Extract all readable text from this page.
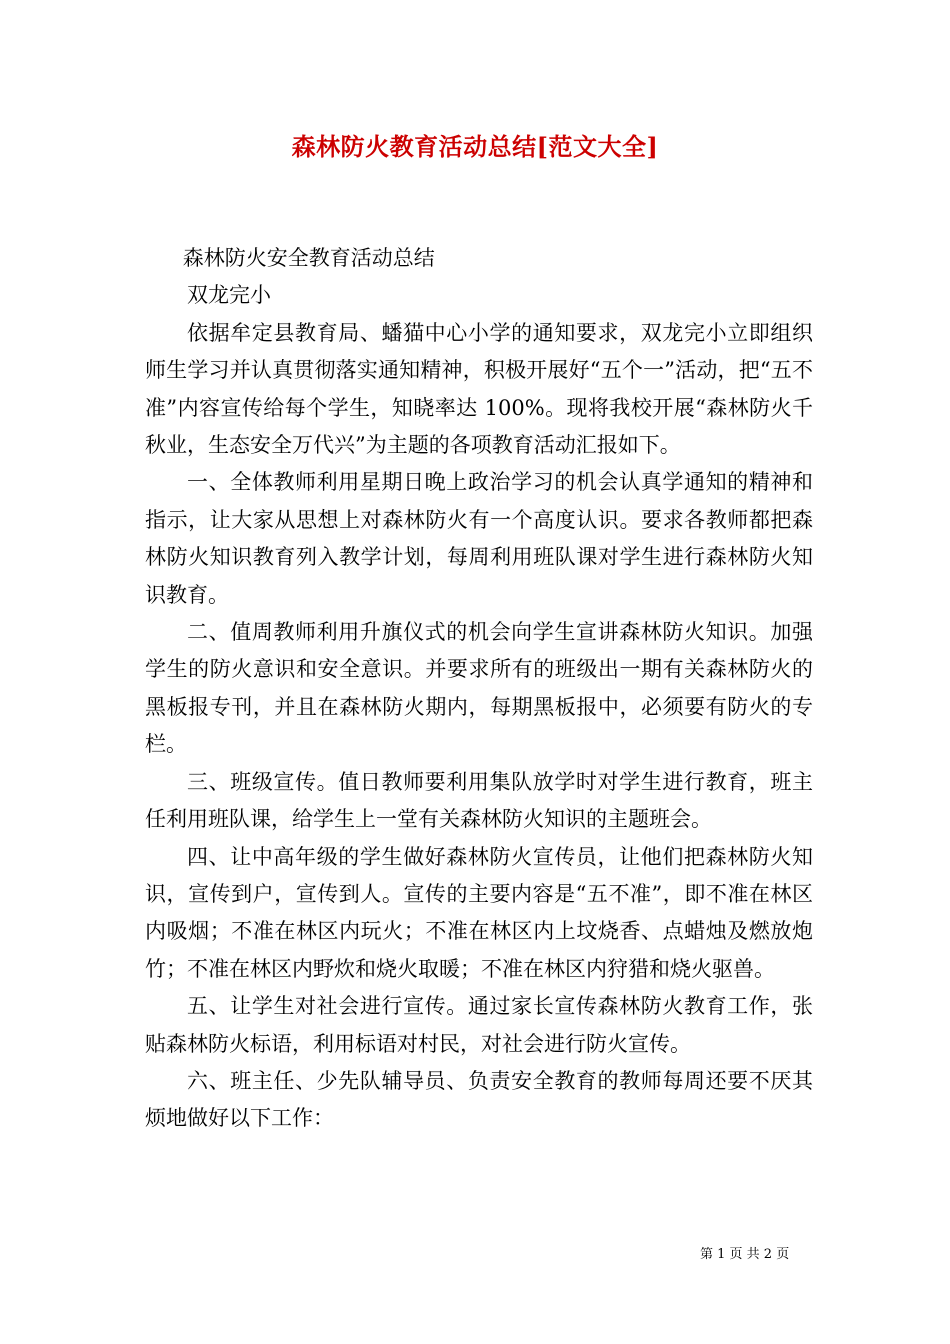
森林防火教育活动总结[范文大全]

森林防火安全教育活动总结

双龙完小

依据牟定县教育局、蟠猫中心小学的通知要求，双龙完小立即组织师生学习并认真贯彻落实通知精神，积极开展好“五个一”活动，把“五不准”内容宣传给每个学生，知晓率达 100%。现将我校开展“森林防火千秋业，生态安全万代兴”为主题的各项教育活动汇报如下。

一、全体教师利用星期日晚上政治学习的机会认真学通知的精神和指示，让大家从思想上对森林防火有一个高度认识。要求各教师都把森林防火知识教育列入教学计划，每周利用班队课对学生进行森林防火知识教育。

二、值周教师利用升旗仪式的机会向学生宣讲森林防火知识。加强学生的防火意识和安全意识。并要求所有的班级出一期有关森林防火的黑板报专刊，并且在森林防火期内，每期黑板报中，必须要有防火的专栏。

三、班级宣传。值日教师要利用集队放学时对学生进行教育，班主任利用班队课，给学生上一堂有关森林防火知识的主题班会。

四、让中高年级的学生做好森林防火宣传员，让他们把森林防火知识，宣传到户，宣传到人。宣传的主要内容是“五不准”，即不准在林区内吸烟；不准在林区内玩火；不准在林区内上坟烧香、点蜡烛及燃放炮竹；不准在林区内野炊和烧火取暖；不准在林区内狩猎和烧火驱兽。

五、让学生对社会进行宣传。通过家长宣传森林防火教育工作，张贴森林防火标语，利用标语对村民，对社会进行防火宣传。

六、班主任、少先队辅导员、负责安全教育的教师每周还要不厌其烦地做好以下工作：

第 1 页 共 2 页
